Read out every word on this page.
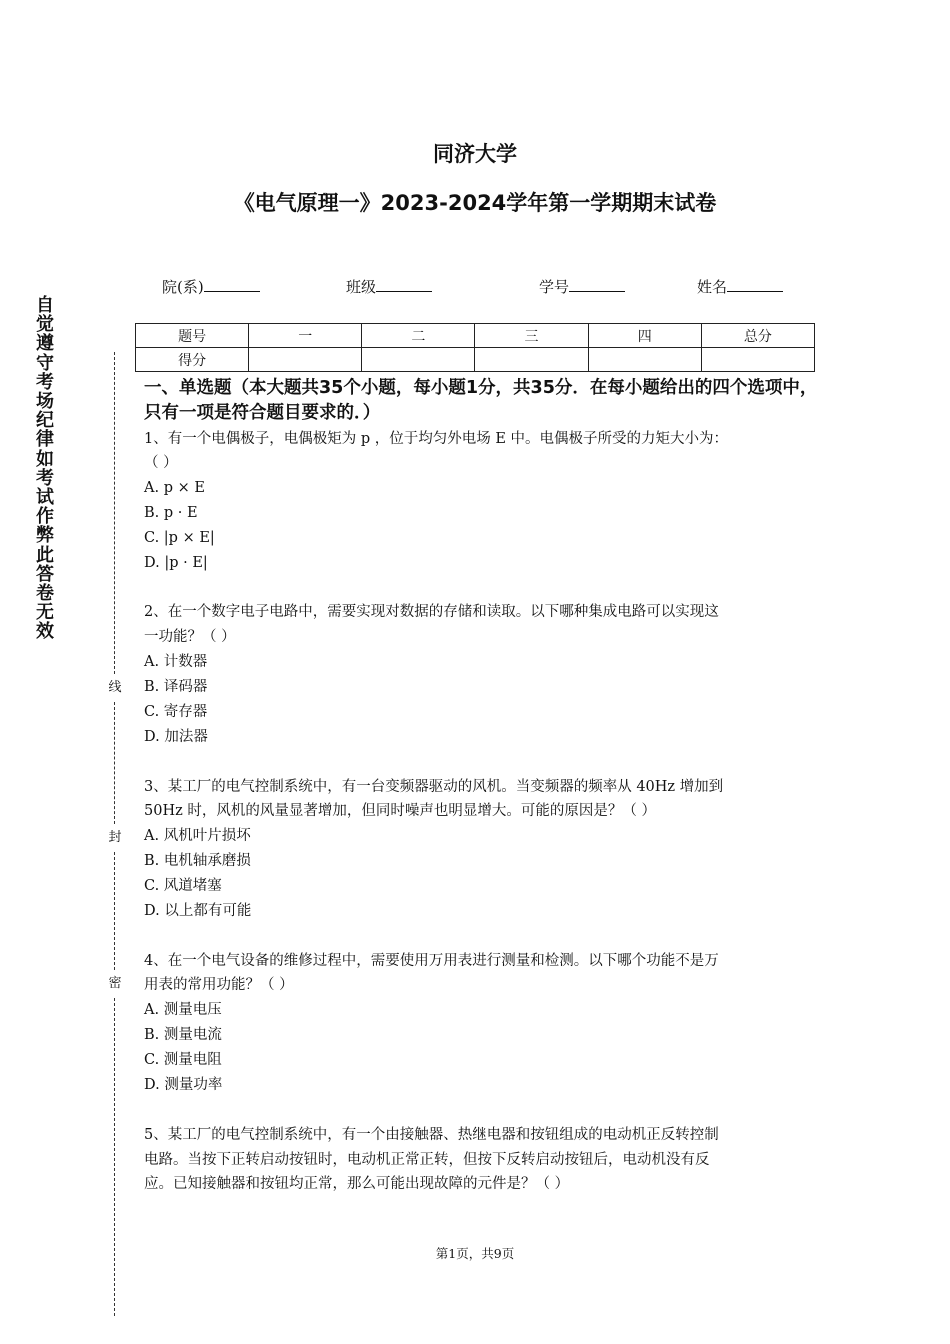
同济大学
《电气原理一》2023-2024学年第一学期期末试卷
院(系)	班级	学号	姓名
题号	一	二	三	四	总分
得分					
自
觉
遵
守
考
场
纪
律
如
考
试
作
弊
此
答
卷
无
效
线
封
密
一、单选题（本大题共35个小题，每小题1分，共35分．在每小题给出的四个选项中，只有一项是符合题目要求的．）
1、有一个电偶极子，电偶极矩为 p ，位于均匀外电场 E 中。电偶极子所受的力矩大小为：
（ ）
A. p × E
B. p · E
C. |p × E|
D. |p · E|
2、在一个数字电子电路中，需要实现对数据的存储和读取。以下哪种集成电路可以实现这
一功能？（ ）
A. 计数器
B. 译码器
C. 寄存器
D. 加法器
3、某工厂的电气控制系统中，有一台变频器驱动的风机。当变频器的频率从 40Hz 增加到
50Hz 时，风机的风量显著增加，但同时噪声也明显增大。可能的原因是？（ ）
A. 风机叶片损坏
B. 电机轴承磨损
C. 风道堵塞
D. 以上都有可能
4、在一个电气设备的维修过程中，需要使用万用表进行测量和检测。以下哪个功能不是万
用表的常用功能？（ ）
A. 测量电压
B. 测量电流
C. 测量电阻
D. 测量功率
5、某工厂的电气控制系统中，有一个由接触器、热继电器和按钮组成的电动机正反转控制
电路。当按下正转启动按钮时，电动机正常正转，但按下反转启动按钮后，电动机没有反
应。已知接触器和按钮均正常，那么可能出现故障的元件是？（ ）
第1页，共9页
